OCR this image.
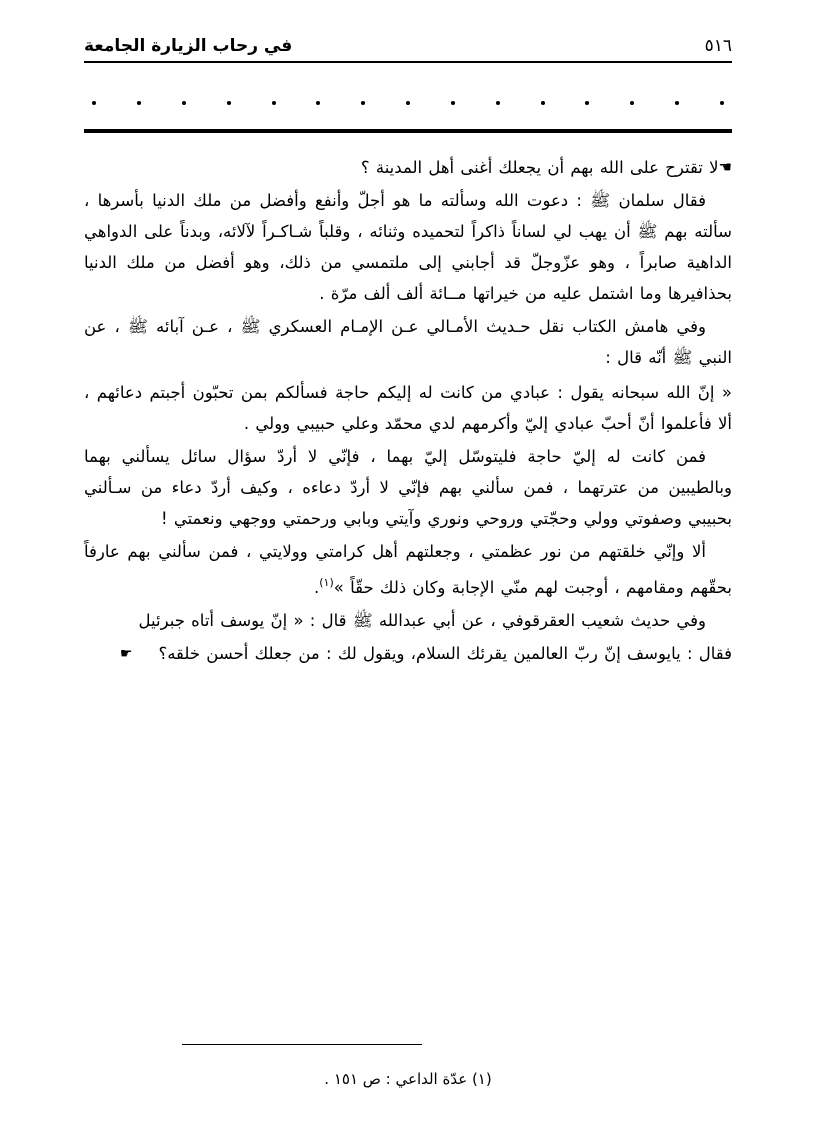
في رحاب الزيارة الجامعة	٥١٦

☚لا تقترح على الله بهم أن يجعلك أغنى أهل المدينة ؟

فقال سلمان ﷺ : دعوت الله وسألته ما هو أجلّ وأنفع وأفضل من ملك الدنيا بأسرها ، سألته بهم ﷺ أن يهب لي لساناً ذاكراً لتحميده وثنائه ، وقلباً شـاكـراً لآلائه، وبدناً على الدواهي الداهية صابراً ، وهو عزّوجلّ قد أجابني إلى ملتمسي من ذلك، وهو أفضل من ملك الدنيا بحذافيرها وما اشتمل عليه من خيراتها مــائة ألف ألف مرّة .

وفي هامش الكتاب نقل حـديث الأمـالي عـن الإمـام العسكري ﷺ ، عـن آبائه ﷺ ، عن النبي ﷺ أنّه قال :

« إنّ الله سبحانه يقول : عبادي من كانت له إليكم حاجة فسألكم بمن تحبّون أجبتم دعائهم ، ألا فأعلموا أنّ أحبّ عبادي إليّ وأكرمهم لدي محمّد وعلي حبيبي وولي .

فمن كانت له إليّ حاجة فليتوسّل إليّ بهما ، فإنّي لا أردّ سؤال سائل يسألني بهما وبالطيبين من عترتهما ، فمن سألني بهم فإنّي لا أردّ دعاءه ، وكيف أردّ دعاء من سـألني بحبيبي وصفوتي وولي وحجّتي وروحي ونوري وآيتي وبابي ورحمتي ووجهي ونعمتي !

ألا وإنّي خلقتهم من نور عظمتي ، وجعلتهم أهل كرامتي وولايتي ، فمن سألني بهم عارفاً بحقّهم ومقامهم ، أوجبت لهم منّي الإجابة وكان ذلك حقّاً »$^{(١)}$.

وفي حديث شعيب العقرقوفي ، عن أبي عبدالله ﷺ قال : « إنّ يوسف أتاه جبرئيل

فقال : يايوسف إنّ ربّ العالمين يقرئك السلام، ويقول لك : من جعلك أحسن خلقه؟☛

(١) عدّة الداعي : ص ١٥١ .
